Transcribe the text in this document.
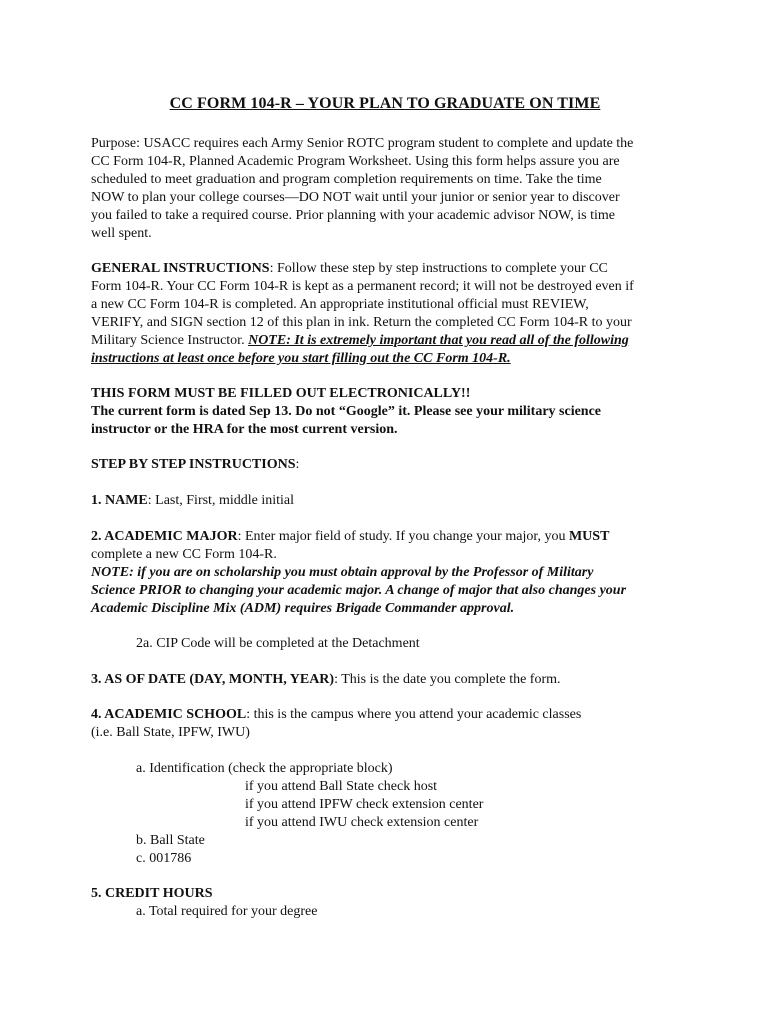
CC FORM 104-R – YOUR PLAN TO GRADUATE ON TIME
Purpose: USACC requires each Army Senior ROTC program student to complete and update the
CC Form 104-R, Planned Academic Program Worksheet. Using this form helps assure you are
scheduled to meet graduation and program completion requirements on time. Take the time
NOW to plan your college courses—DO NOT wait until your junior or senior year to discover
you failed to take a required course. Prior planning with your academic advisor NOW, is time
well spent.
GENERAL INSTRUCTIONS: Follow these step by step instructions to complete your CC
Form 104-R. Your CC Form 104-R is kept as a permanent record; it will not be destroyed even if
a new CC Form 104-R is completed. An appropriate institutional official must REVIEW,
VERIFY, and SIGN section 12 of this plan in ink. Return the completed CC Form 104-R to your
Military Science Instructor. NOTE: It is extremely important that you read all of the following
instructions at least once before you start filling out the CC Form 104-R.
THIS FORM MUST BE FILLED OUT ELECTRONICALLY!!
The current form is dated Sep 13. Do not “Google” it. Please see your military science
instructor or the HRA for the most current version.
STEP BY STEP INSTRUCTIONS:
1. NAME: Last, First, middle initial
2. ACADEMIC MAJOR: Enter major field of study. If you change your major, you MUST
complete a new CC Form 104-R.
NOTE: if you are on scholarship you must obtain approval by the Professor of Military
Science PRIOR to changing your academic major. A change of major that also changes your
Academic Discipline Mix (ADM) requires Brigade Commander approval.
2a. CIP Code will be completed at the Detachment
3. AS OF DATE (DAY, MONTH, YEAR): This is the date you complete the form.
4. ACADEMIC SCHOOL: this is the campus where you attend your academic classes
(i.e. Ball State, IPFW, IWU)
a. Identification (check the appropriate block)
if you attend Ball State check host
if you attend IPFW check extension center
if you attend IWU check extension center
b. Ball State
c. 001786
5. CREDIT HOURS
a. Total required for your degree
